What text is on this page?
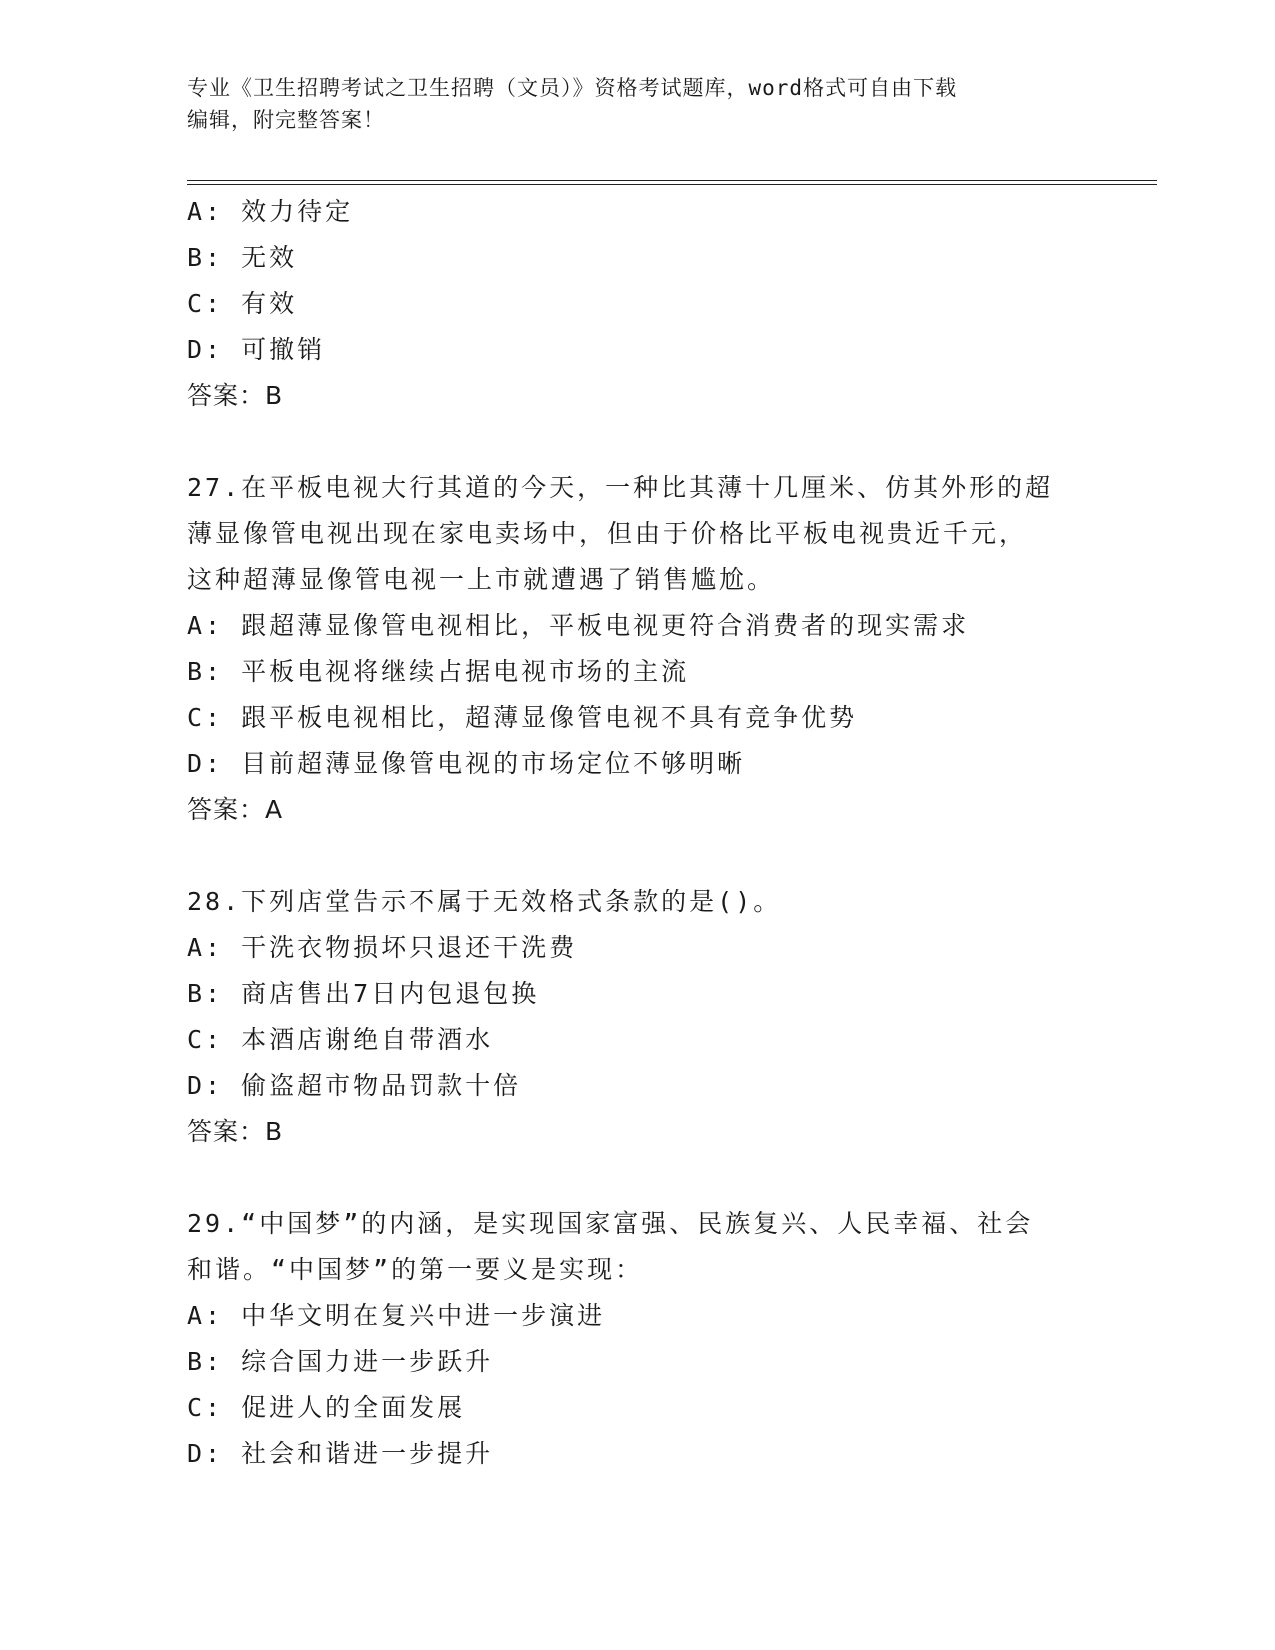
专业《卫生招聘考试之卫生招聘（文员）》资格考试题库，word格式可自由下载
编辑，附完整答案！
A: 效力待定
B: 无效
C: 有效
D: 可撤销
答案：B
27.在平板电视大行其道的今天，一种比其薄十几厘米、仿其外形的超
薄显像管电视出现在家电卖场中，但由于价格比平板电视贵近千元，
这种超薄显像管电视一上市就遭遇了销售尴尬。
A: 跟超薄显像管电视相比，平板电视更符合消费者的现实需求
B: 平板电视将继续占据电视市场的主流
C: 跟平板电视相比，超薄显像管电视不具有竞争优势
D: 目前超薄显像管电视的市场定位不够明晰
答案：A
28.下列店堂告示不属于无效格式条款的是()。
A: 干洗衣物损坏只退还干洗费
B: 商店售出7日内包退包换
C: 本酒店谢绝自带酒水
D: 偷盗超市物品罚款十倍
答案：B
29.“中国梦”的内涵，是实现国家富强、民族复兴、人民幸福、社会
和谐。“中国梦”的第一要义是实现：
A: 中华文明在复兴中进一步演进
B: 综合国力进一步跃升
C: 促进人的全面发展
D: 社会和谐进一步提升
